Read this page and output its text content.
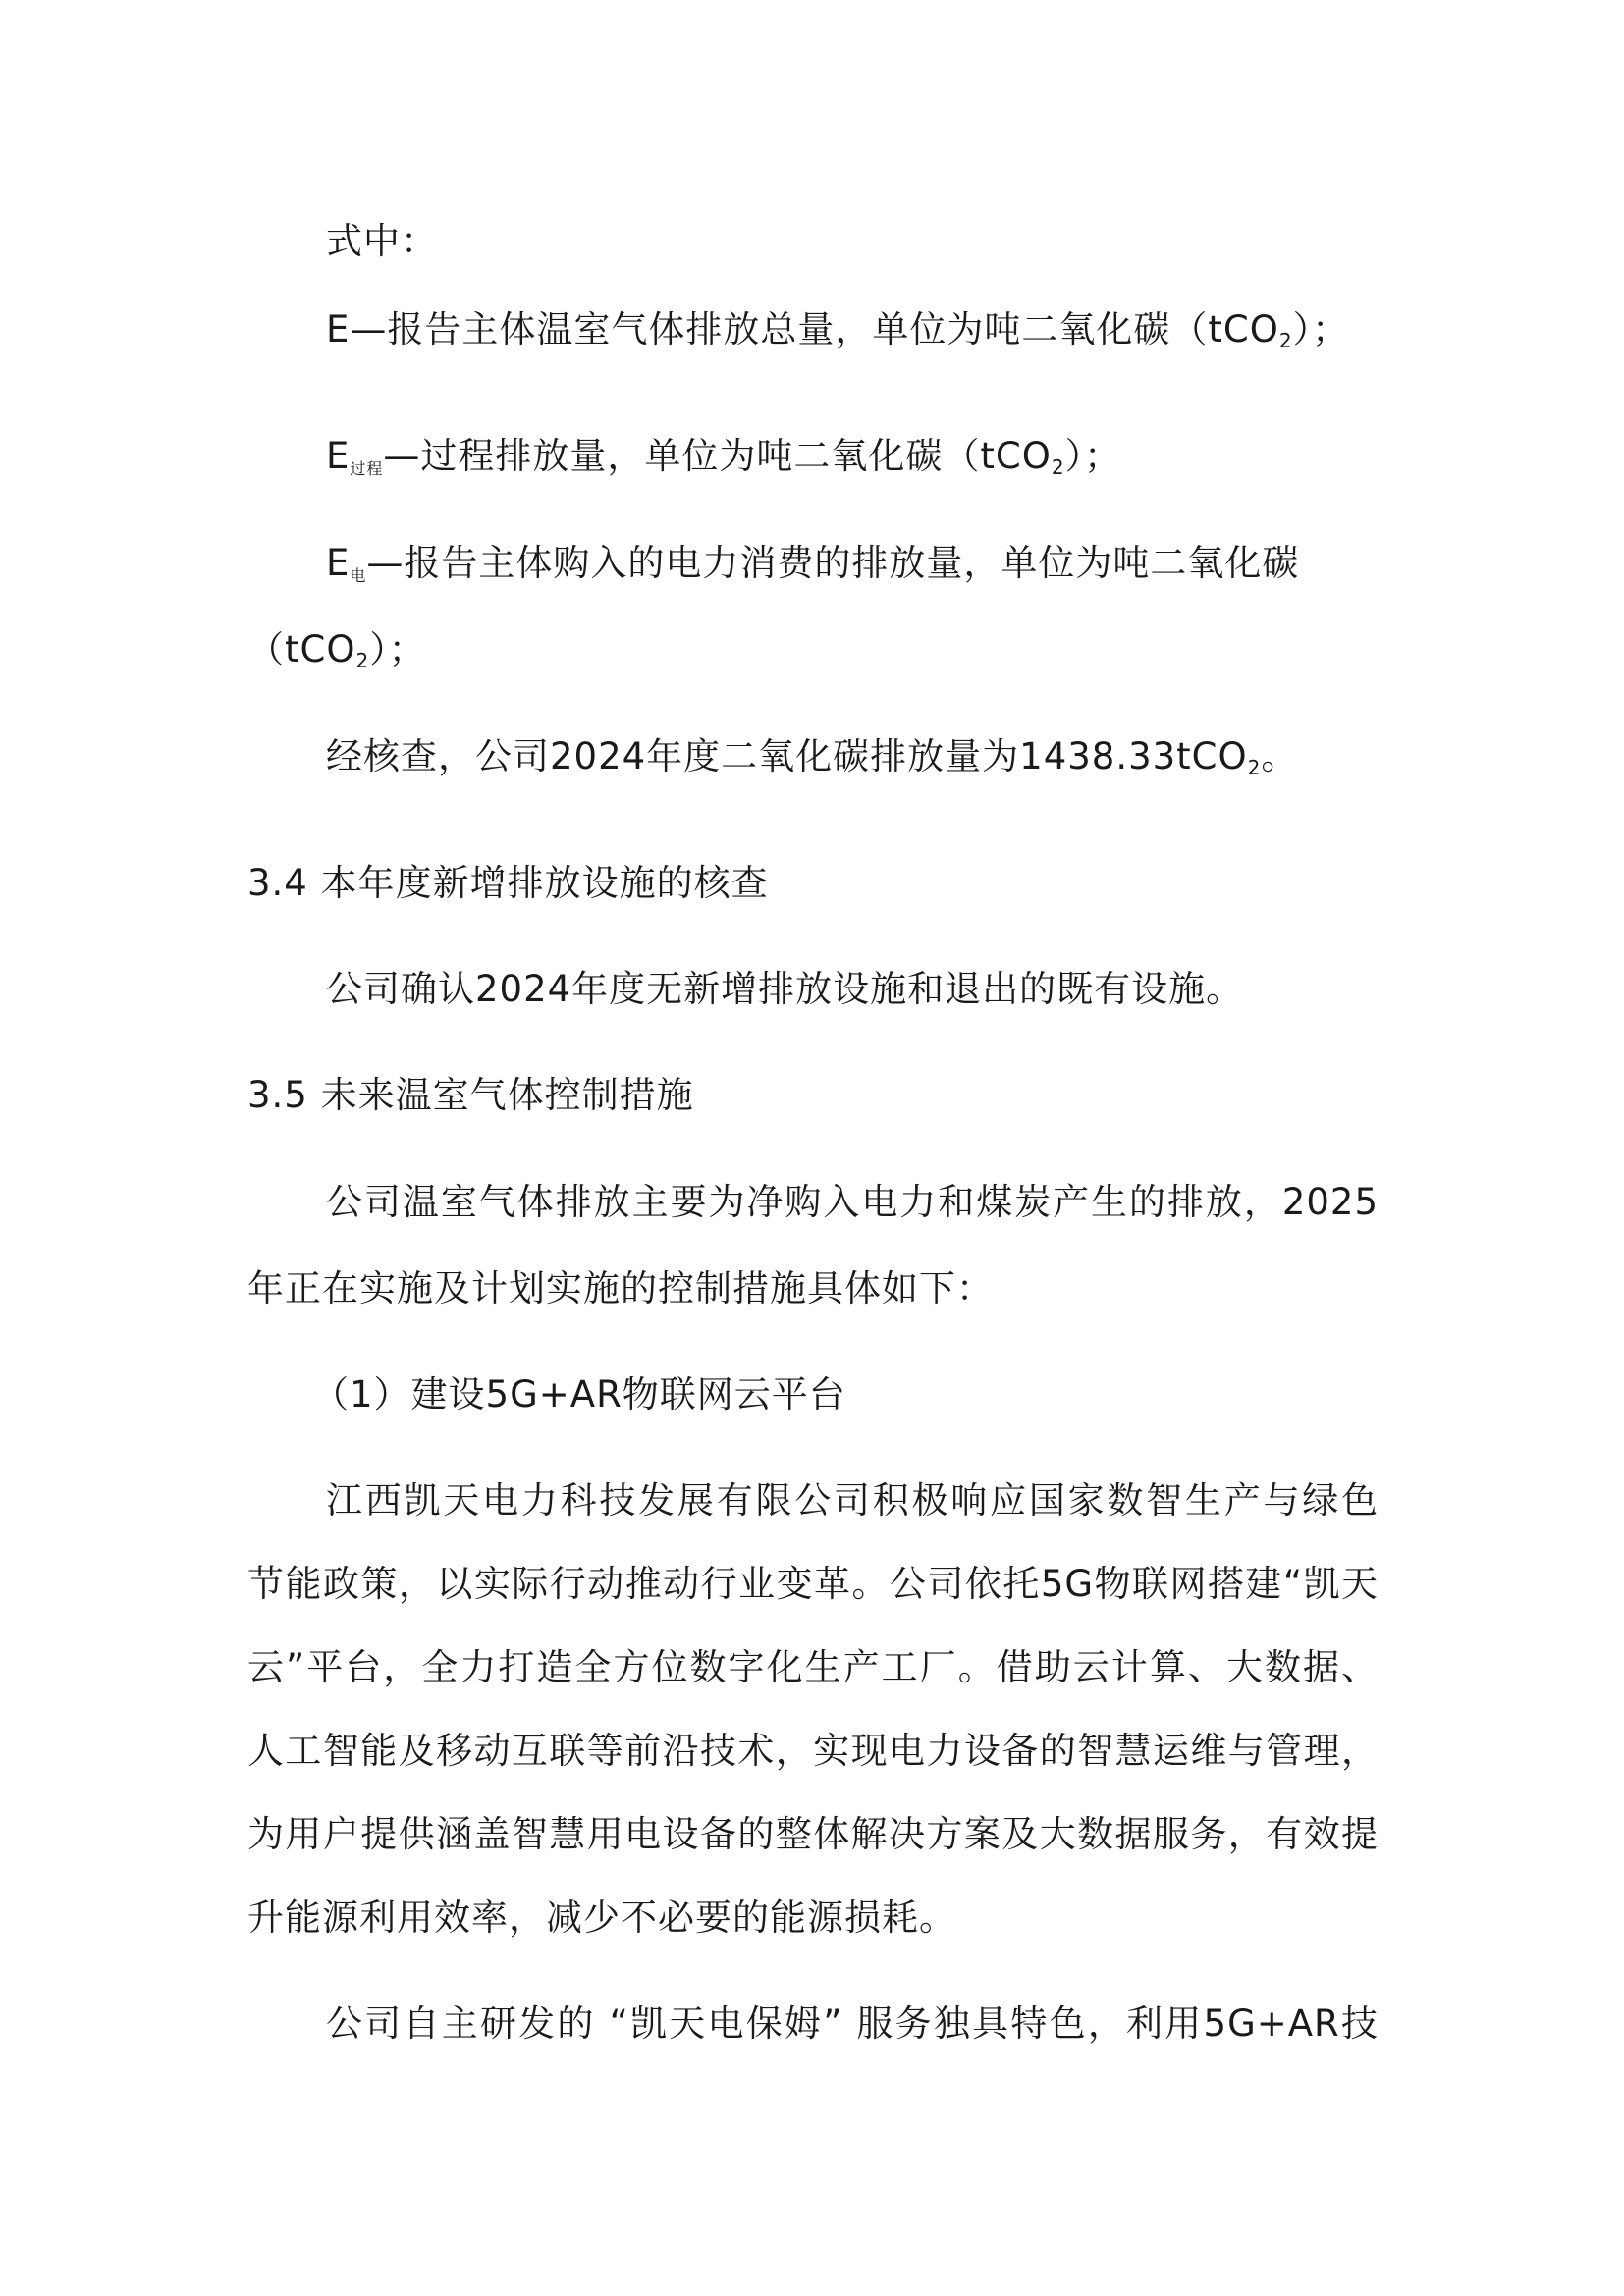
式中：
E—报告主体温室气体排放总量，单位为吨二氧化碳（tCO$_2$）；
$E_{过程}—$过程排放量，单位为吨二氧化碳（tCO$_2$）；
$E_电—$报告主体购入的电力消费的排放量，单位为吨二氧化碳
（tCO$_2$）；
经核查，公司2024年度二氧化碳排放量为1438.33tCO$_2$。
3.4 本年度新增排放设施的核查
公司确认2024年度无新增排放设施和退出的既有设施。
3.5 未来温室气体控制措施
公司温室气体排放主要为净购入电力和煤炭产生的排放，2025
年正在实施及计划实施的控制措施具体如下：
（1）建设5G+AR物联网云平台
江西凯天电力科技发展有限公司积极响应国家数智生产与绿色
节能政策，以实际行动推动行业变革。公司依托5G物联网搭建“凯天
云”平台，全力打造全方位数字化生产工厂。借助云计算、大数据、
人工智能及移动互联等前沿技术，实现电力设备的智慧运维与管理，
为用户提供涵盖智慧用电设备的整体解决方案及大数据服务，有效提
升能源利用效率，减少不必要的能源损耗。
公司自主研发的 “凯天电保姆” 服务独具特色，利用5G+AR技
